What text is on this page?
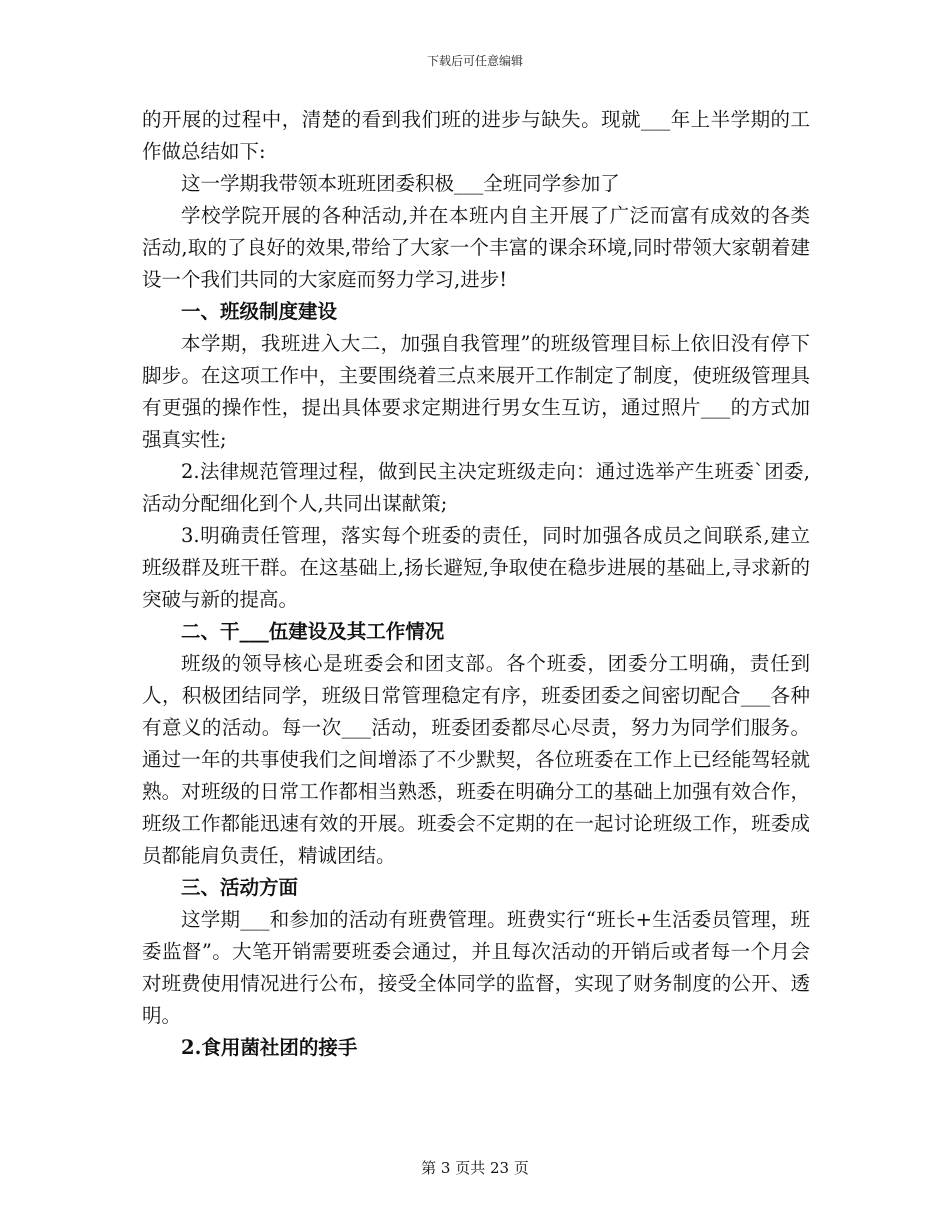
下载后可任意编辑

的开展的过程中，清楚的看到我们班的进步与缺失。现就___年上半学期的工作做总结如下:

这一学期我带领本班班团委积极___全班同学参加了

学校学院开展的各种活动,并在本班内自主开展了广泛而富有成效的各类活动,取的了良好的效果,带给了大家一个丰富的课余环境,同时带领大家朝着建设一个我们共同的大家庭而努力学习,进步!

一、班级制度建设

本学期，我班进入大二，加强自我管理”的班级管理目标上依旧没有停下脚步。在这项工作中，主要围绕着三点来展开工作制定了制度，使班级管理具有更强的操作性，提出具体要求定期进行男女生互访，通过照片___的方式加强真实性;

2.法律规范管理过程，做到民主决定班级走向：通过选举产生班委`团委,活动分配细化到个人,共同出谋献策;

3.明确责任管理，落实每个班委的责任，同时加强各成员之间联系,建立班级群及班干群。在这基础上,扬长避短,争取使在稳步进展的基础上,寻求新的突破与新的提高。

二、干___伍建设及其工作情况

班级的领导核心是班委会和团支部。各个班委，团委分工明确，责任到人，积极团结同学，班级日常管理稳定有序，班委团委之间密切配合___各种有意义的活动。每一次___活动，班委团委都尽心尽责，努力为同学们服务。通过一年的共事使我们之间增添了不少默契，各位班委在工作上已经能驾轻就熟。对班级的日常工作都相当熟悉，班委在明确分工的基础上加强有效合作，班级工作都能迅速有效的开展。班委会不定期的在一起讨论班级工作，班委成员都能肩负责任，精诚团结。

三、活动方面

这学期___和参加的活动有班费管理。班费实行“班长+生活委员管理，班委监督”。大笔开销需要班委会通过，并且每次活动的开销后或者每一个月会对班费使用情况进行公布，接受全体同学的监督，实现了财务制度的公开、透明。

2.食用菌社团的接手
第 3 页共 23 页
